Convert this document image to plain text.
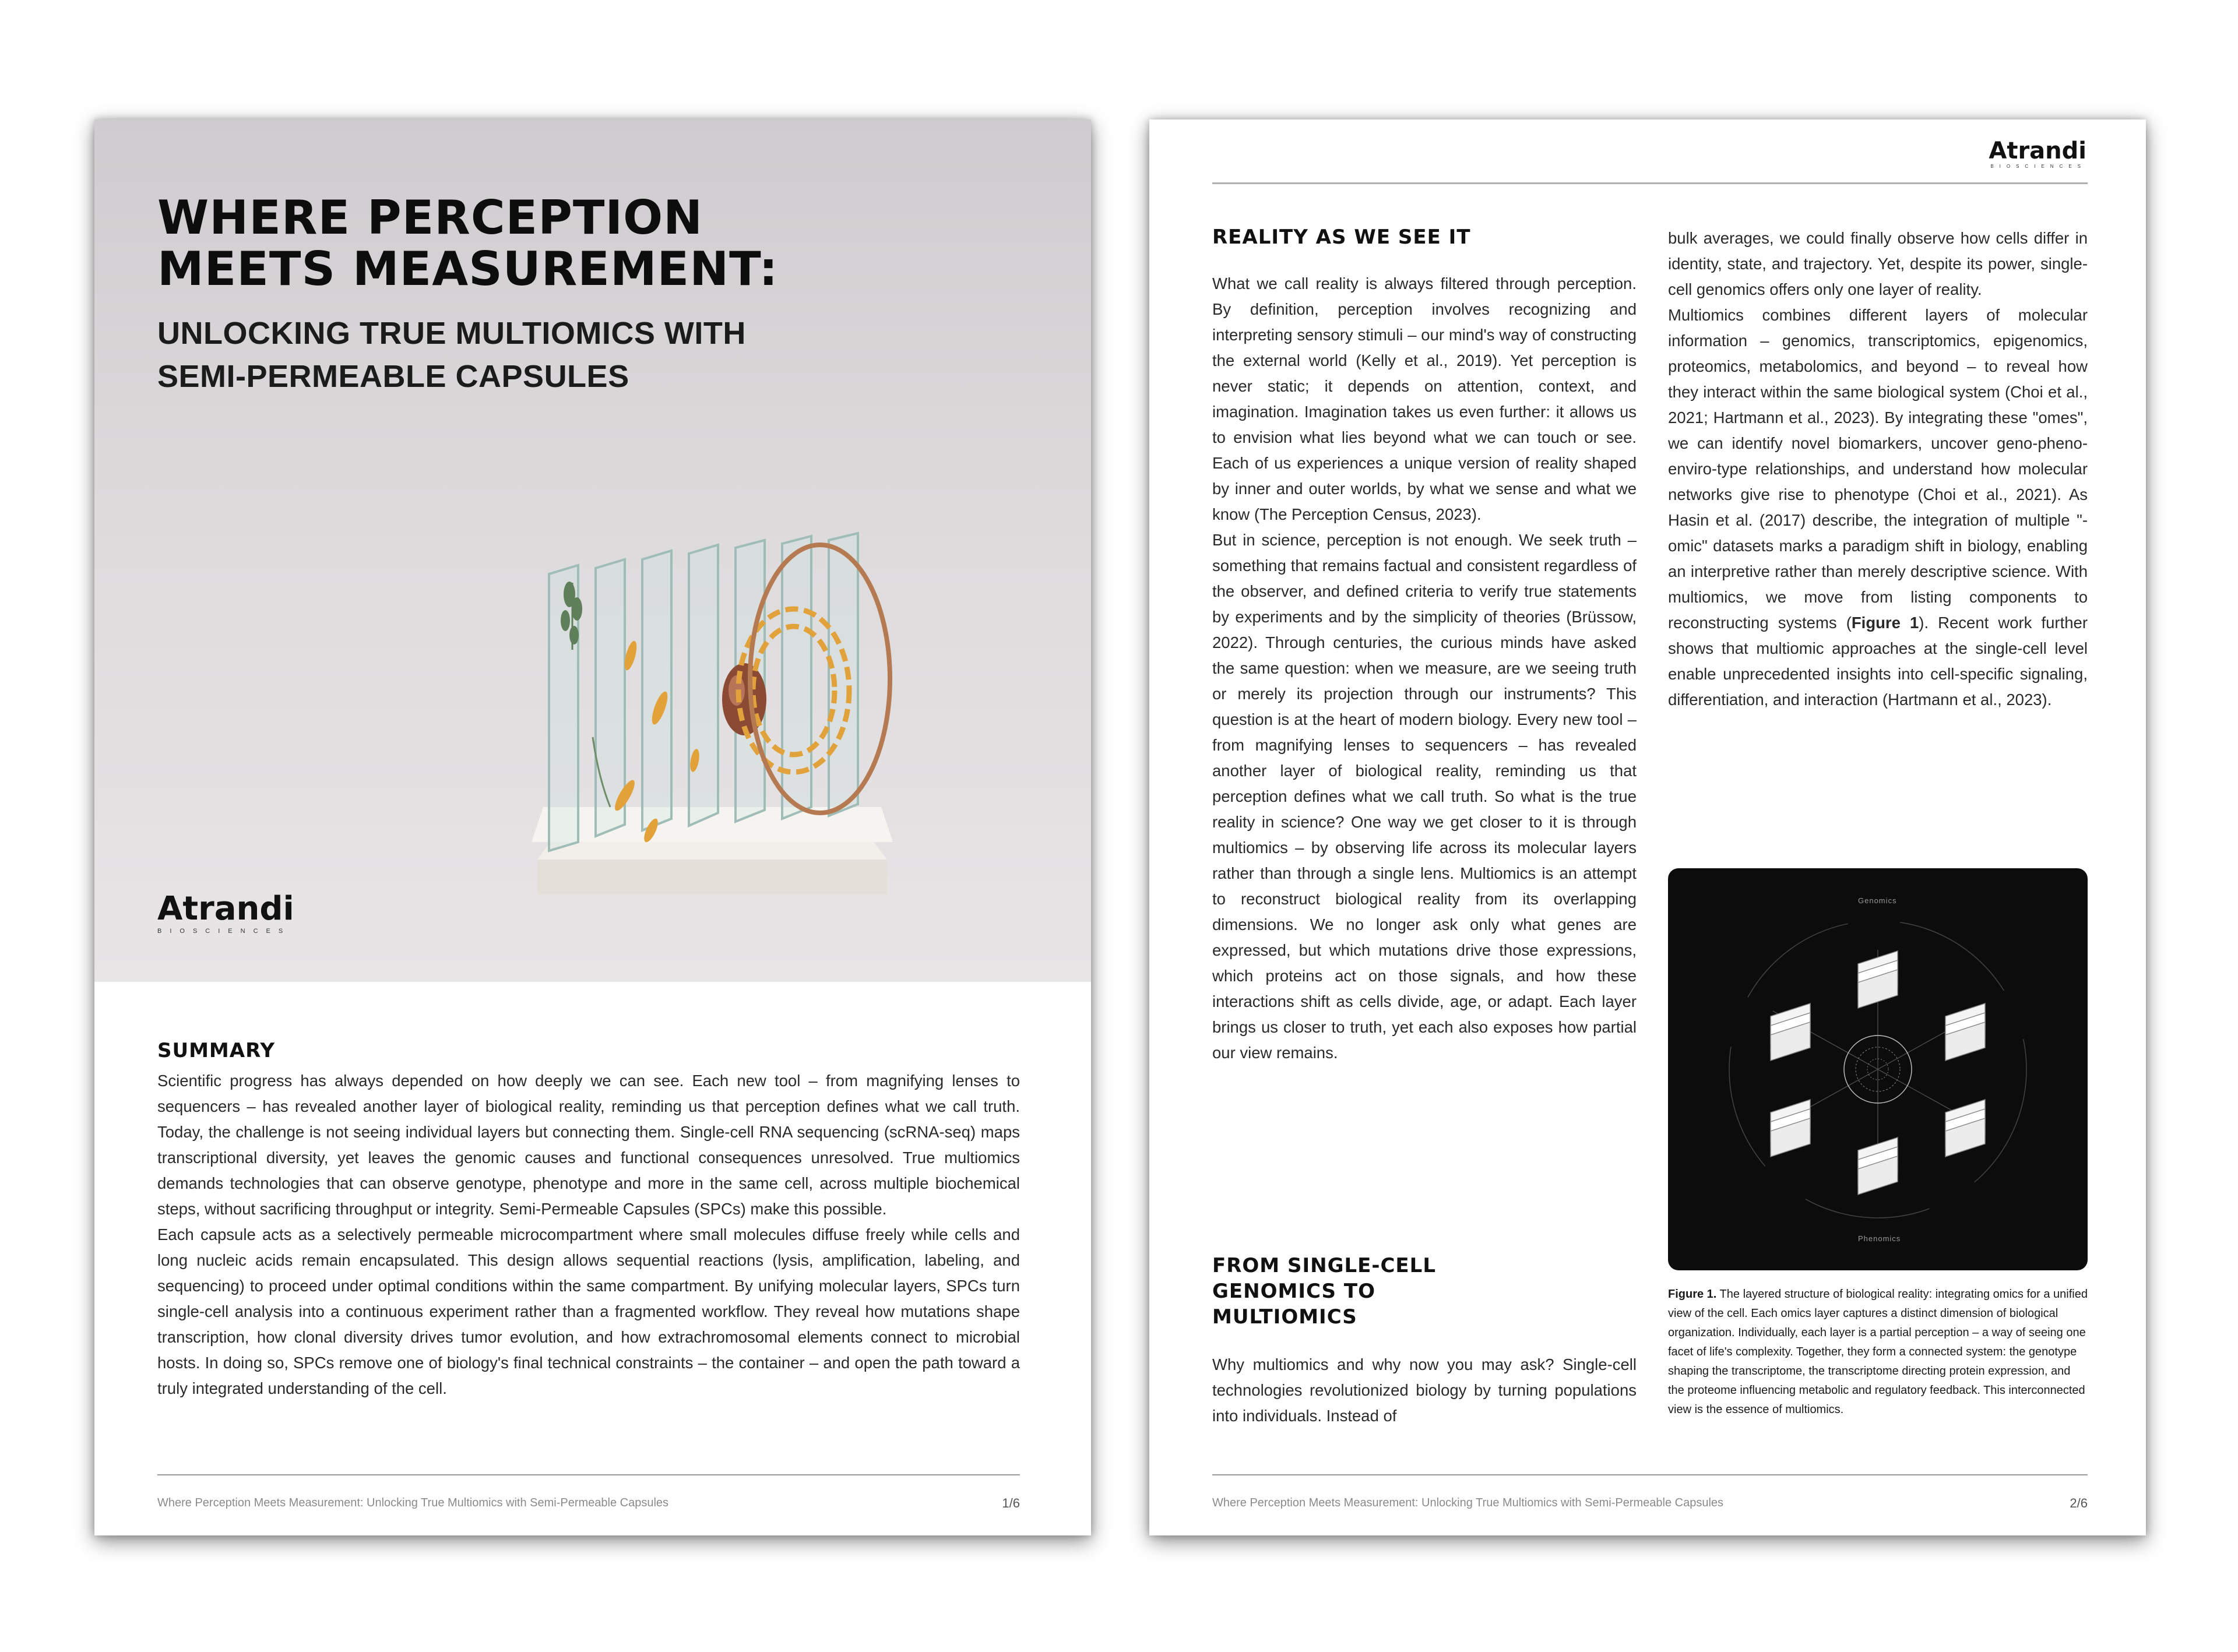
WHERE PERCEPTION
MEETS MEASUREMENT:
UNLOCKING TRUE MULTIOMICS WITH
SEMI-PERMEABLE CAPSULES
Atrandi
BIOSCIENCES
SUMMARY

Scientific progress has always depended on how deeply we can see. Each new tool – from magnifying lenses to sequencers – has revealed another layer of biological reality, reminding us that perception defines what we call truth. Today, the challenge is not seeing individual layers but connecting them. Single-cell RNA sequencing (scRNA-seq) maps transcriptional diversity, yet leaves the genomic causes and functional consequences unresolved. True multiomics demands technologies that can observe genotype, phenotype and more in the same cell, across multiple biochemical steps, without sacrificing throughput or integrity. Semi-Permeable Capsules (SPCs) make this possible.

Each capsule acts as a selectively permeable microcompartment where small molecules diffuse freely while cells and long nucleic acids remain encapsulated. This design allows sequential reactions (lysis, amplification, labeling, and sequencing) to proceed under optimal conditions within the same compartment. By unifying molecular layers, SPCs turn single-cell analysis into a continuous experiment rather than a fragmented workflow. They reveal how mutations shape transcription, how clonal diversity drives tumor evolution, and how extrachromosomal elements connect to microbial hosts. In doing so, SPCs remove one of biology's final technical constraints – the container – and open the path toward a truly integrated understanding of the cell.

Where Perception Meets Measurement: Unlocking True Multiomics with Semi-Permeable Capsules	1/6
Atrandi
BIOSCIENCES
REALITY AS WE SEE IT

What we call reality is always filtered through perception. By definition, perception involves recognizing and interpreting sensory stimuli – our mind's way of constructing the external world (Kelly et al., 2019). Yet perception is never static; it depends on attention, context, and imagination. Imagination takes us even further: it allows us to envision what lies beyond what we can touch or see. Each of us experiences a unique version of reality shaped by inner and outer worlds, by what we sense and what we know (The Perception Census, 2023).

But in science, perception is not enough. We seek truth – something that remains factual and consistent regardless of the observer, and defined criteria to verify true statements by experiments and by the simplicity of theories (Brüssow, 2022). Through centuries, the curious minds have asked the same question: when we measure, are we seeing truth or merely its projection through our instruments? This question is at the heart of modern biology. Every new tool – from magnifying lenses to sequencers – has revealed another layer of biological reality, reminding us that perception defines what we call truth. So what is the true reality in science? One way we get closer to it is through multiomics – by observing life across its molecular layers rather than through a single lens. Multiomics is an attempt to reconstruct biological reality from its overlapping dimensions. We no longer ask only what genes are expressed, but which mutations drive those expressions, which proteins act on those signals, and how these interactions shift as cells divide, age, or adapt. Each layer brings us closer to truth, yet each also exposes how partial our view remains.

FROM SINGLE-CELL
GENOMICS TO
MULTIOMICS

Why multiomics and why now you may ask? Single-cell technologies revolutionized biology by turning populations into individuals. Instead of

bulk averages, we could finally observe how cells differ in identity, state, and trajectory. Yet, despite its power, single-cell genomics offers only one layer of reality.

Multiomics combines different layers of molecular information – genomics, transcriptomics, epigenomics, proteomics, metabolomics, and beyond – to reveal how they interact within the same biological system (Choi et al., 2021; Hartmann et al., 2023). By integrating these "omes", we can identify novel biomarkers, uncover geno-pheno-enviro-type relationships, and understand how molecular networks give rise to phenotype (Choi et al., 2021). As Hasin et al. (2017) describe, the integration of multiple "-omic" datasets marks a paradigm shift in biology, enabling an interpretive rather than merely descriptive science. With multiomics, we move from listing components to reconstructing systems (Figure 1). Recent work further shows that multiomic approaches at the single-cell level enable unprecedented insights into cell-specific signaling, differentiation, and interaction (Hartmann et al., 2023).

Genomics
Phenomics
Figure 1. The layered structure of biological reality: integrating omics for a unified view of the cell. Each omics layer captures a distinct dimension of biological organization. Individually, each layer is a partial perception – a way of seeing one facet of life's complexity. Together, they form a connected system: the genotype shaping the transcriptome, the transcriptome directing protein expression, and the proteome influencing metabolic and regulatory feedback. This interconnected view is the essence of multiomics.
Where Perception Meets Measurement: Unlocking True Multiomics with Semi-Permeable Capsules	2/6
